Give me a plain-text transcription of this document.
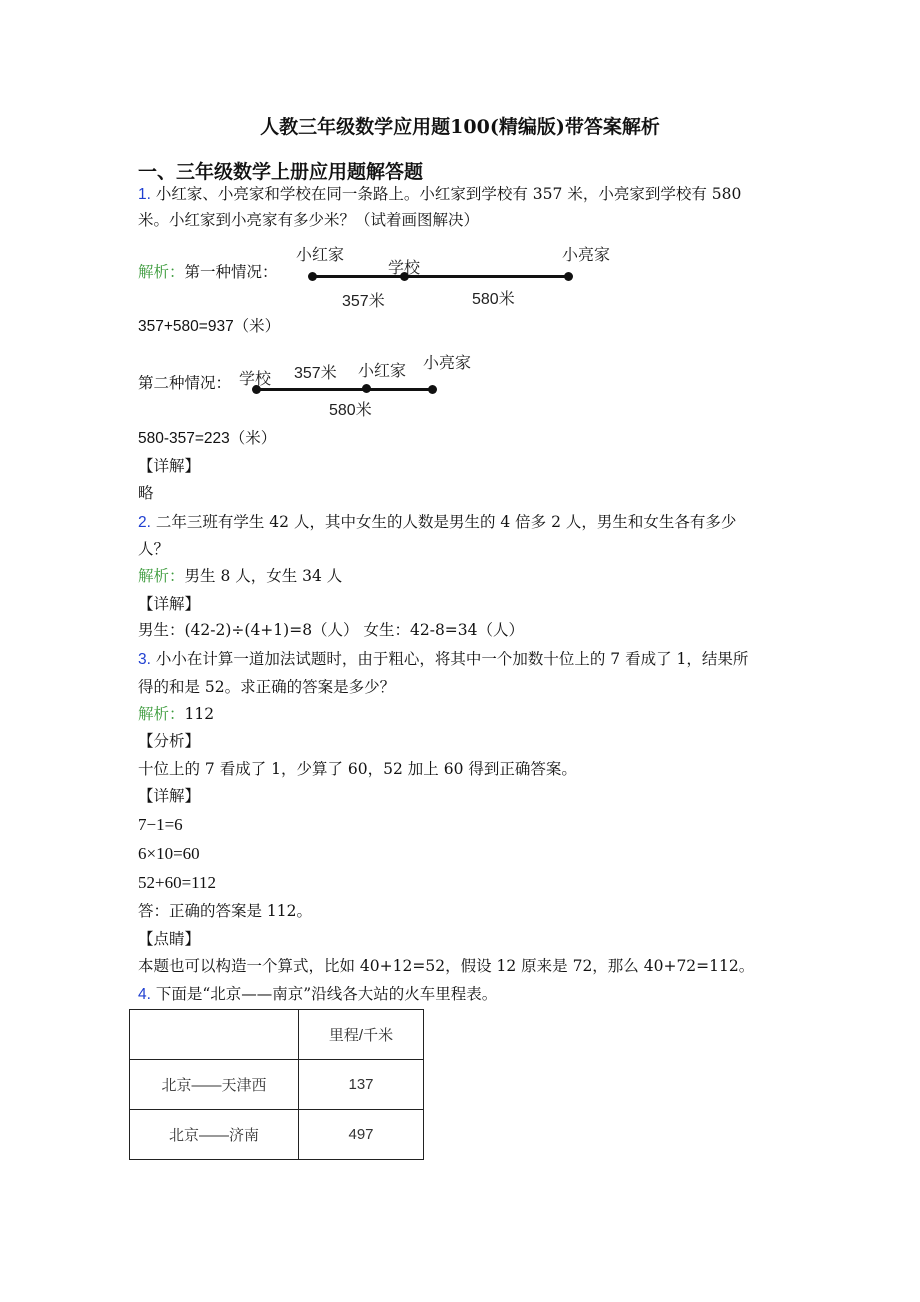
人教三年级数学应用题100(精编版)带答案解析
一、三年级数学上册应用题解答题
1. 小红家、小亮家和学校在同一条路上。小红家到学校有 357 米，小亮家到学校有 580
米。小红家到小亮家有多少米？（试着画图解决）
解析：第一种情况：
小红家
学校
小亮家
357米	580米
357+580=937（米）
第二种情况： 学校 357米 小红家 小亮家
580米
580-357=223（米）
【详解】
略
2. 二年三班有学生 42 人，其中女生的人数是男生的 4 倍多 2 人，男生和女生各有多少
人？
解析：男生 8 人，女生 34 人
【详解】
男生：(42-2)÷(4+1)=8（人） 女生：42-8=34（人）
3. 小小在计算一道加法试题时，由于粗心，将其中一个加数十位上的 7 看成了 1，结果所
得的和是 52。求正确的答案是多少？
解析：112
【分析】
十位上的 7 看成了 1，少算了 60，52 加上 60 得到正确答案。
【详解】
7−1=6
6×10=60
52+60=112
答：正确的答案是 112。
【点睛】
本题也可以构造一个算式，比如 40+12=52，假设 12 原来是 72，那么 40+72=112。
4. 下面是“北京——南京”沿线各大站的火车里程表。
	里程/千米
北京——天津西	137
北京——济南	497
